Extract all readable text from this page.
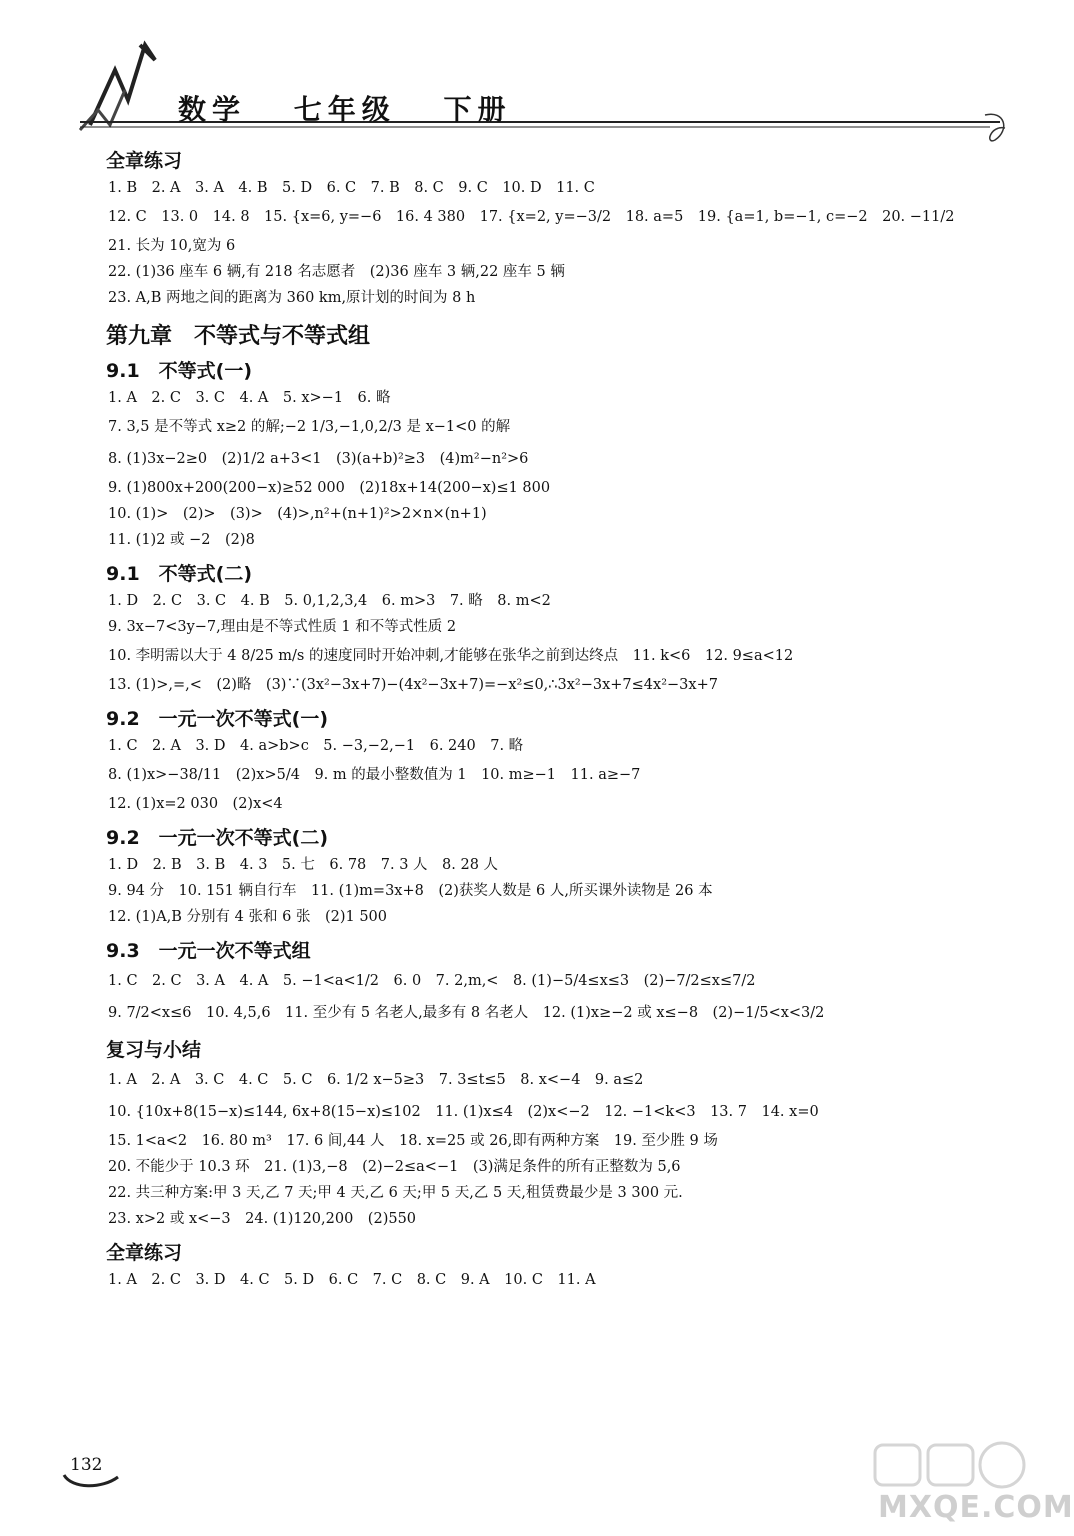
数学 七年级 下册
全章练习
1. B　2. A　3. A　4. B　5. D　6. C　7. B　8. C　9. C　10. D　11. C
12. C　13. 0　14. 8　15. {x=6, y=−6　16. 4 380　17. {x=2, y=−3/2　18. a=5　19. {a=1, b=−1, c=−2　20. −11/2
21. 长为 10,宽为 6
22. (1)36 座车 6 辆,有 218 名志愿者　(2)36 座车 3 辆,22 座车 5 辆
23. A,B 两地之间的距离为 360 km,原计划的时间为 8 h
第九章　不等式与不等式组
9.1　不等式(一)
1. A　2. C　3. C　4. A　5. x>−1　6. 略
7. 3,5 是不等式 x≥2 的解;−2 1/3,−1,0,2/3 是 x−1<0 的解
8. (1)3x−2≥0　(2)1/2 a+3<1　(3)(a+b)²≥3　(4)m²−n²>6
9. (1)800x+200(200−x)≥52 000　(2)18x+14(200−x)≤1 800
10. (1)>　(2)>　(3)>　(4)>,n²+(n+1)²>2×n×(n+1)
11. (1)2 或 −2　(2)8
9.1　不等式(二)
1. D　2. C　3. C　4. B　5. 0,1,2,3,4　6. m>3　7. 略　8. m<2
9. 3x−7<3y−7,理由是不等式性质 1 和不等式性质 2
10. 李明需以大于 4 8/25 m/s 的速度同时开始冲刺,才能够在张华之前到达终点　11. k<6　12. 9≤a<12
13. (1)>,=,<　(2)略　(3)∵(3x²−3x+7)−(4x²−3x+7)=−x²≤0,∴3x²−3x+7≤4x²−3x+7
9.2　一元一次不等式(一)
1. C　2. A　3. D　4. a>b>c　5. −3,−2,−1　6. 240　7. 略
8. (1)x>−38/11　(2)x>5/4　9. m 的最小整数值为 1　10. m≥−1　11. a≥−7
12. (1)x=2 030　(2)x<4
9.2　一元一次不等式(二)
1. D　2. B　3. B　4. 3　5. 七　6. 78　7. 3 人　8. 28 人
9. 94 分　10. 151 辆自行车　11. (1)m=3x+8　(2)获奖人数是 6 人,所买课外读物是 26 本
12. (1)A,B 分别有 4 张和 6 张　(2)1 500
9.3　一元一次不等式组
1. C　2. C　3. A　4. A　5. −1<a<1/2　6. 0　7. 2,m,<　8. (1)−5/4≤x≤3　(2)−7/2≤x≤7/2
9. 7/2<x≤6　10. 4,5,6　11. 至少有 5 名老人,最多有 8 名老人　12. (1)x≥−2 或 x≤−8　(2)−1/5<x<3/2
复习与小结
1. A　2. A　3. C　4. C　5. C　6. 1/2 x−5≥3　7. 3≤t≤5　8. x<−4　9. a≤2
10. {10x+8(15−x)≤144, 6x+8(15−x)≤102　11. (1)x≤4　(2)x<−2　12. −1<k<3　13. 7　14. x=0
15. 1<a<2　16. 80 m³　17. 6 间,44 人　18. x=25 或 26,即有两种方案　19. 至少胜 9 场
20. 不能少于 10.3 环　21. (1)3,−8　(2)−2≤a<−1　(3)满足条件的所有正整数为 5,6
22. 共三种方案:甲 3 天,乙 7 天;甲 4 天,乙 6 天;甲 5 天,乙 5 天,租赁费最少是 3 300 元.
23. x>2 或 x<−3　24. (1)120,200　(2)550
全章练习
1. A　2. C　3. D　4. C　5. D　6. C　7. C　8. C　9. A　10. C　11. A
132
MXQE.COM
